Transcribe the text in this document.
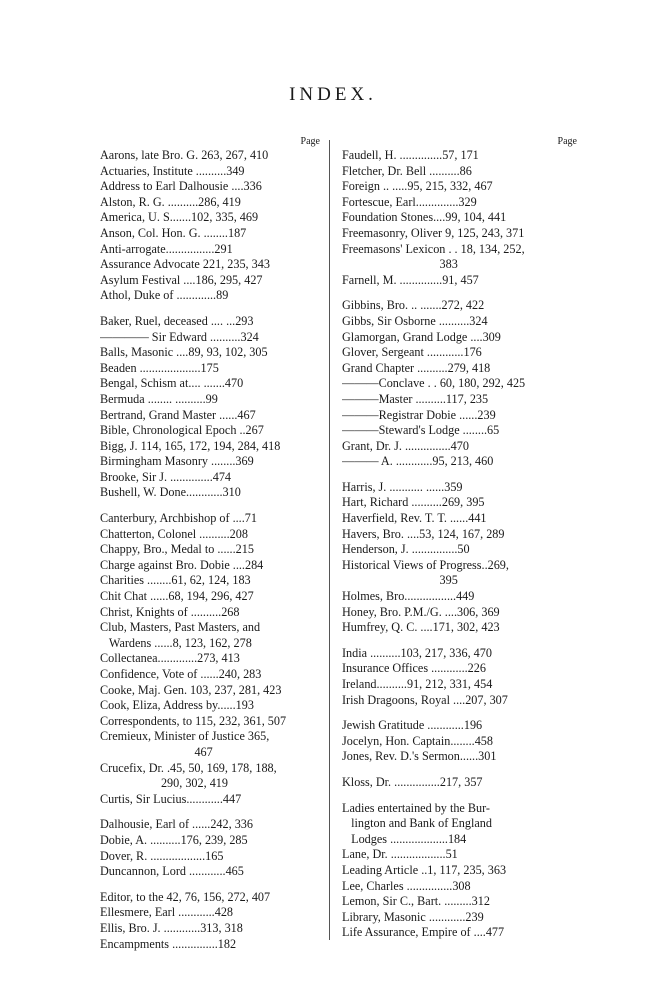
INDEX.
Page
Aarons, late Bro. G. 263, 267, 410
Actuaries, Institute ..........349
Address to Earl Dalhousie ....336
Alston, R. G. ..........286, 419
America, U. S.......102, 335, 469
Anson, Col. Hon. G. ........187
Anti-arrogate................291
Assurance Advocate 221, 235, 343
Asylum Festival ....186, 295, 427
Athol, Duke of .............89
Baker, Ruel, deceased .... ...293
―――― Sir Edward ..........324
Balls, Masonic ....89, 93, 102, 305
Beaden ....................175
Bengal, Schism at.... .......470
Bermuda ........ ..........99
Bertrand, Grand Master ......467
Bible, Chronological Epoch ..267
Bigg, J. 114, 165, 172, 194, 284, 418
Birmingham Masonry ........369
Brooke, Sir J. ..............474
Bushell, W. Done............310
Canterbury, Archbishop of ....71
Chatterton, Colonel ..........208
Chappy, Bro., Medal to ......215
Charge against Bro. Dobie ....284
Charities ........61, 62, 124, 183
Chit Chat ......68, 194, 296, 427
Christ, Knights of ..........268
Club, Masters, Past Masters, and
Wardens ......8, 123, 162, 278
Collectanea.............273, 413
Confidence, Vote of ......240, 283
Cooke, Maj. Gen. 103, 237, 281, 423
Cook, Eliza, Address by......193
Correspondents, to 115, 232, 361, 507
Cremieux, Minister of Justice 365,
467
Crucefix, Dr. .45, 50, 169, 178, 188,
290, 302, 419
Curtis, Sir Lucius............447
Dalhousie, Earl of ......242, 336
Dobie, A. ..........176, 239, 285
Dover, R. ..................165
Duncannon, Lord ............465
Editor, to the 42, 76, 156, 272, 407
Ellesmere, Earl ............428
Ellis, Bro. J. ............313, 318
Encampments ...............182
Page
Faudell, H. ..............57, 171
Fletcher, Dr. Bell ..........86
Foreign .. .....95, 215, 332, 467
Fortescue, Earl..............329
Foundation Stones....99, 104, 441
Freemasonry, Oliver 9, 125, 243, 371
Freemasons' Lexicon . . 18, 134, 252,
383
Farnell, M. ..............91, 457
Gibbins, Bro. .. .......272, 422
Gibbs, Sir Osborne ..........324
Glamorgan, Grand Lodge ....309
Glover, Sergeant ............176
Grand Chapter ..........279, 418
―――Conclave . . 60, 180, 292, 425
―――Master ..........117, 235
―――Registrar Dobie ......239
―――Steward's Lodge ........65
Grant, Dr. J. ...............470
――― A. ............95, 213, 460
Harris, J. ........... ......359
Hart, Richard ..........269, 395
Haverfield, Rev. T. T. ......441
Havers, Bro. ....53, 124, 167, 289
Henderson, J. ...............50
Historical Views of Progress..269,
395
Holmes, Bro.................449
Honey, Bro. P.M./G. ....306, 369
Humfrey, Q. C. ....171, 302, 423
India ..........103, 217, 336, 470
Insurance Offices ............226
Ireland..........91, 212, 331, 454
Irish Dragoons, Royal ....207, 307
Jewish Gratitude ............196
Jocelyn, Hon. Captain........458
Jones, Rev. D.'s Sermon......301
Kloss, Dr. ...............217, 357
Ladies entertained by the Bur-
lington and Bank of England
Lodges ...................184
Lane, Dr. ..................51
Leading Article ..1, 117, 235, 363
Lee, Charles ...............308
Lemon, Sir C., Bart. .........312
Library, Masonic ............239
Life Assurance, Empire of ....477
